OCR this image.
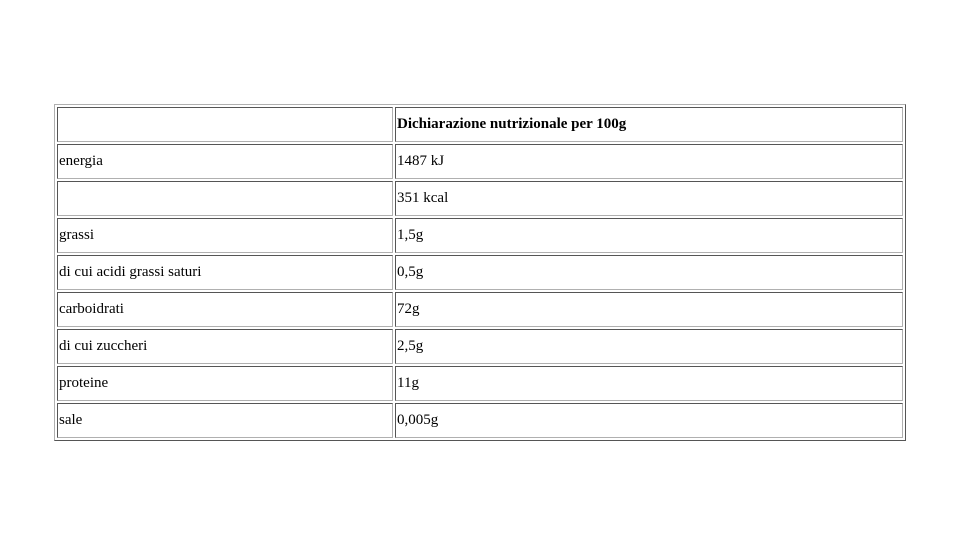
	Dichiarazione nutrizionale per 100g
energia	1487 kJ
	351 kcal
grassi	1,5g
di cui acidi grassi saturi	0,5g
carboidrati	72g
di cui zuccheri	2,5g
proteine	11g
sale	0,005g
